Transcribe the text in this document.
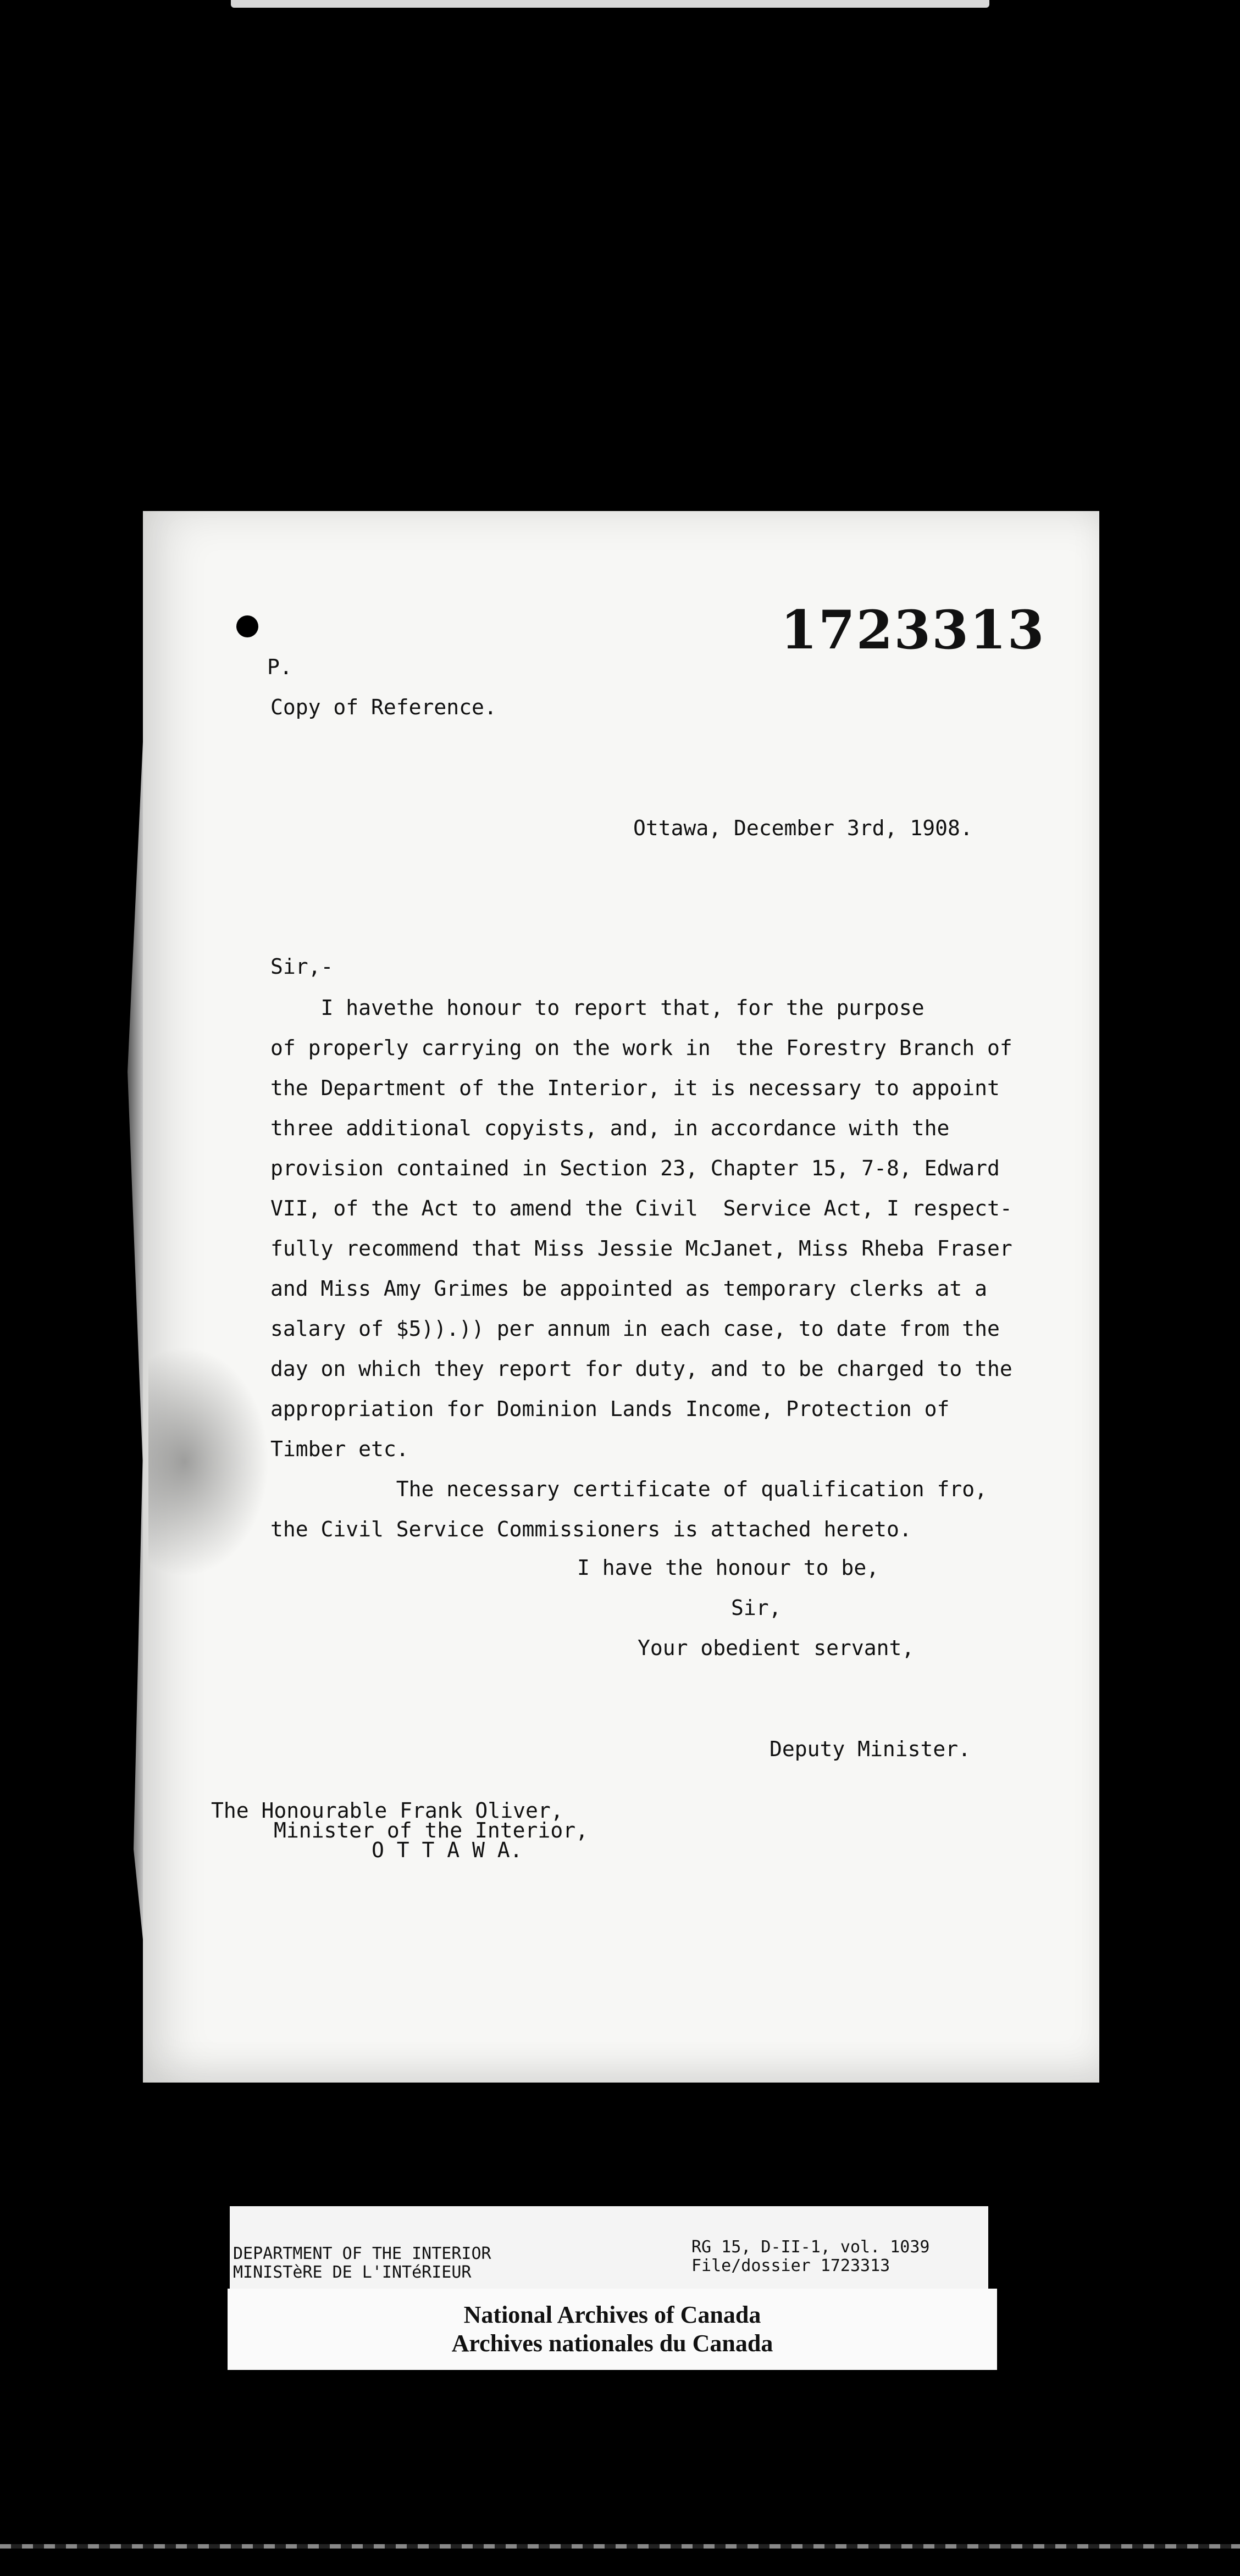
1723313
P.
Copy of Reference.
Ottawa, December 3rd, 1908.
Sir,-
I havethe honour to report that, for the purpose
of properly carrying on the work in  the Forestry Branch of
the Department of the Interior, it is necessary to appoint
three additional copyists, and, in accordance with the
provision contained in Section 23, Chapter 15, 7-8, Edward
VII, of the Act to amend the Civil  Service Act, I respect-
fully recommend that Miss Jessie McJanet, Miss Rheba Fraser
and Miss Amy Grimes be appointed as temporary clerks at a
salary of $5)).)) per annum in each case, to date from the
day on which they report for duty, and to be charged to the
appropriation for Dominion Lands Income, Protection of
Timber etc.
The necessary certificate of qualification fro,
the Civil Service Commissioners is attached hereto.
I have the honour to be,
Sir,
Your obedient servant,
Deputy Minister.
The Honourable Frank Oliver,
Minister of the Interior,
O T T A W A.
DEPARTMENT OF THE INTERIOR
MINISTèRE DE L'INTéRIEUR
RG 15, D-II-1, vol. 1039
File/dossier 1723313
National Archives of Canada
Archives nationales du Canada
